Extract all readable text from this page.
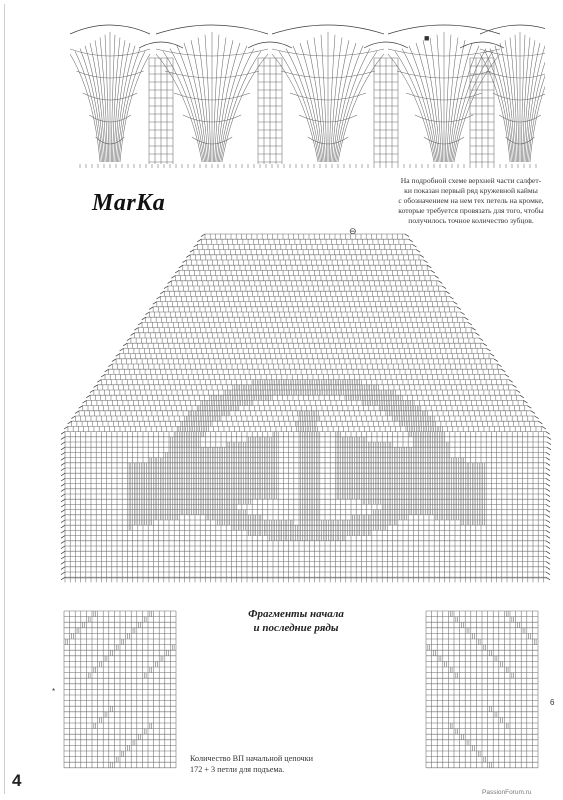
■
MarKa
На подробной схеме верхней части салфет-
ки показан первый ряд кружевной каймы
с обозначением на нем тех петель на кромке,
которые требуется провязать для того, чтобы
получилось точное количество зубцов.
⊖
Фрагменты начала
и последние ряды
*
6
Количество ВП начальной цепочки
172 + 3 петли для подъема.
4
PassionForum.ru
